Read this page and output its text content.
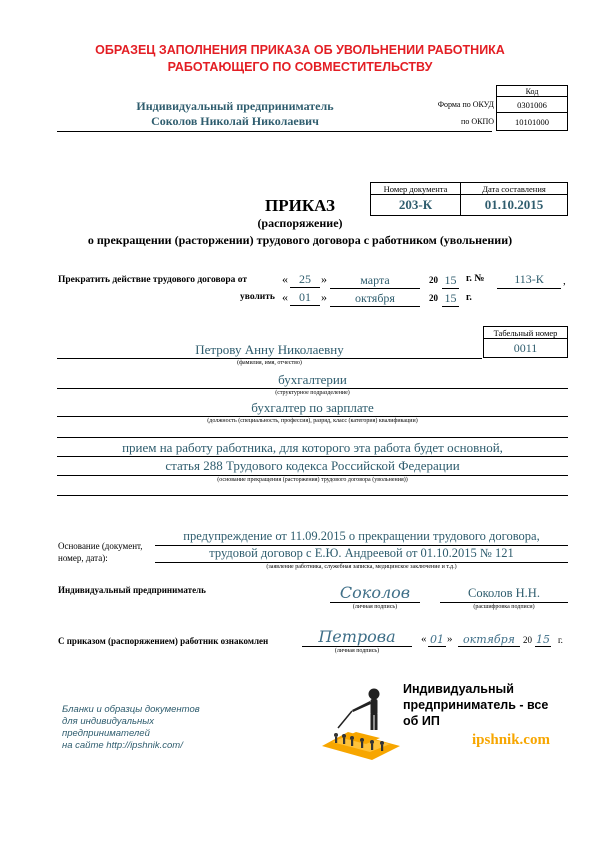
ОБРАЗЕЦ ЗАПОЛНЕНИЯ ПРИКАЗА ОБ УВОЛЬНЕНИИ РАБОТНИКА
РАБОТАЮЩЕГО ПО СОВМЕСТИТЕЛЬСТВУ
Индивидуальный предприниматель
Соколов Николай Николаевич
Код
Форма по ОКУД	0301006
по ОКПО 10101000
ПРИКАЗ
(распоряжение)
о прекращении (расторжении) трудового договора с работником (увольнении)
Номер документа	Дата составления
203-К	01.10.2015
Прекратить действие трудового договора от	« 25 »	марта	20 15 г. №	113-К	,
уволить « 01 »	октября	20 15 г.
Табельный номер
0011
Петрову Анну Николаевну
(фамилия, имя, отчество)
бухгалтерии
(структурное подразделение)
бухгалтер по зарплате
(должность (специальность, профессия), разряд, класс (категория) квалификации)
прием на работу работника, для которого эта работа будет основной,
статья 288 Трудового кодекса Российской Федерации
(основание прекращения (расторжения) трудового договора (увольнения))
Основание (документ,
номер, дата):
предупреждение от 11.09.2015 о прекращении трудового договора,
трудовой договор с Е.Ю. Андреевой от 01.10.2015 № 121
(заявление работника, служебная записка, медицинское заключение и т.д.)
Индивидуальный предприниматель	Соколов
(личная подпись)
Соколов Н.Н.
(расшифровка подписи)
С приказом (распоряжением) работник ознакомлен	Петрова
(личная подпись)
« 01 » октября 20 15 г.
Бланки и образцы документов
для индивидуальных
предпринимателей
на сайте http://ipshnik.com/
Индивидуальный
предприниматель - все
об ИП
ipshnik.com
